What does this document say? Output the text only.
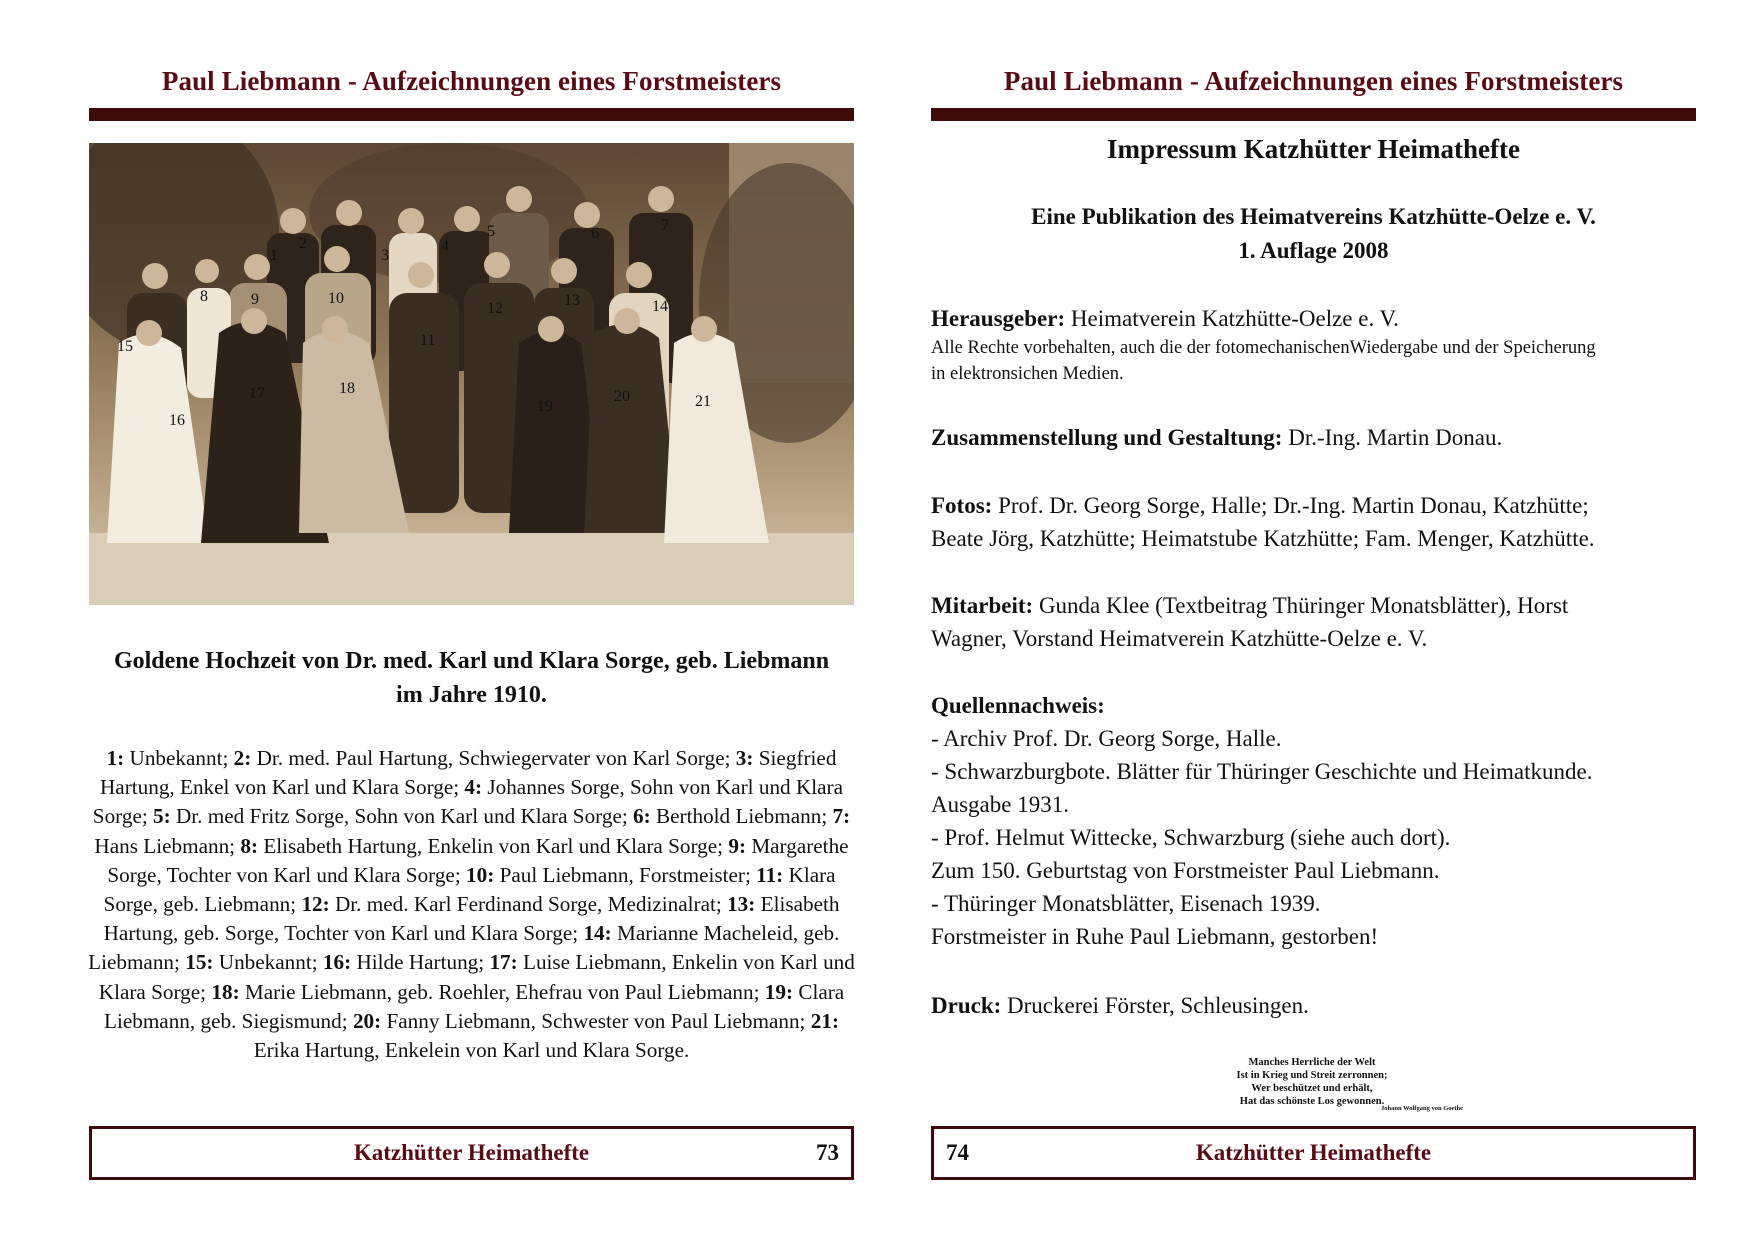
Paul Liebmann - Aufzeichnungen eines Forstmeisters
1
2
3
4
5	6	7
8	9	10
11
12	13	14
15
16
17	18
19
20	21
Goldene Hochzeit von Dr. med. Karl und Klara Sorge, geb. Liebmann
im Jahre 1910.
1: Unbekannt; 2: Dr. med. Paul Hartung, Schwiegervater von Karl Sorge; 3: Siegfried Hartung, Enkel von Karl und Klara Sorge; 4: Johannes Sorge, Sohn von Karl und Klara Sorge; 5: Dr. med Fritz Sorge, Sohn von Karl und Klara Sorge; 6: Berthold Liebmann; 7: Hans Liebmann; 8: Elisabeth Hartung, Enkelin von Karl und Klara Sorge; 9: Margarethe Sorge, Tochter von Karl und Klara Sorge; 10: Paul Liebmann, Forstmeister; 11: Klara Sorge, geb. Liebmann; 12: Dr. med. Karl Ferdinand Sorge, Medizinalrat; 13: Elisabeth Hartung, geb. Sorge, Tochter von Karl und Klara Sorge; 14: Marianne Macheleid, geb. Liebmann; 15: Unbekannt; 16: Hilde Hartung; 17: Luise Liebmann, Enkelin von Karl und Klara Sorge; 18: Marie Liebmann, geb. Roehler, Ehefrau von Paul Liebmann; 19: Clara Liebmann, geb. Siegismund; 20: Fanny Liebmann, Schwester von Paul Liebmann; 21: Erika Hartung, Enkelein von Karl und Klara Sorge.
Katzhütter Heimathefte	73
Paul Liebmann - Aufzeichnungen eines Forstmeisters
Impressum Katzhütter Heimathefte
Eine Publikation des Heimatvereins Katzhütte-Oelze e. V.
1. Auflage 2008
Herausgeber: Heimatverein Katzhütte-Oelze e. V.
Alle Rechte vorbehalten, auch die der fotomechanischenWiedergabe und der Speicherung
in elektronsichen Medien.
Zusammenstellung und Gestaltung: Dr.-Ing. Martin Donau.
Fotos: Prof. Dr. Georg Sorge, Halle; Dr.-Ing. Martin Donau, Katzhütte;
Beate Jörg, Katzhütte; Heimatstube Katzhütte; Fam. Menger, Katzhütte.
Mitarbeit: Gunda Klee (Textbeitrag Thüringer Monatsblätter), Horst
Wagner, Vorstand Heimatverein Katzhütte-Oelze e. V.
Quellennachweis:
- Archiv Prof. Dr. Georg Sorge, Halle.
- Schwarzburgbote. Blätter für Thüringer Geschichte und Heimatkunde.
Ausgabe 1931.
- Prof. Helmut Wittecke, Schwarzburg (siehe auch dort).
Zum 150. Geburtstag von Forstmeister Paul Liebmann.
- Thüringer Monatsblätter, Eisenach 1939.
Forstmeister in Ruhe Paul Liebmann, gestorben!
Druck: Druckerei Förster, Schleusingen.
Manches Herrliche der Welt
Ist in Krieg und Streit zerronnen;
Wer beschützet und erhält,
Hat das schönste Los gewonnen.
Johann Wolfgang von Goethe
74	Katzhütter Heimathefte
